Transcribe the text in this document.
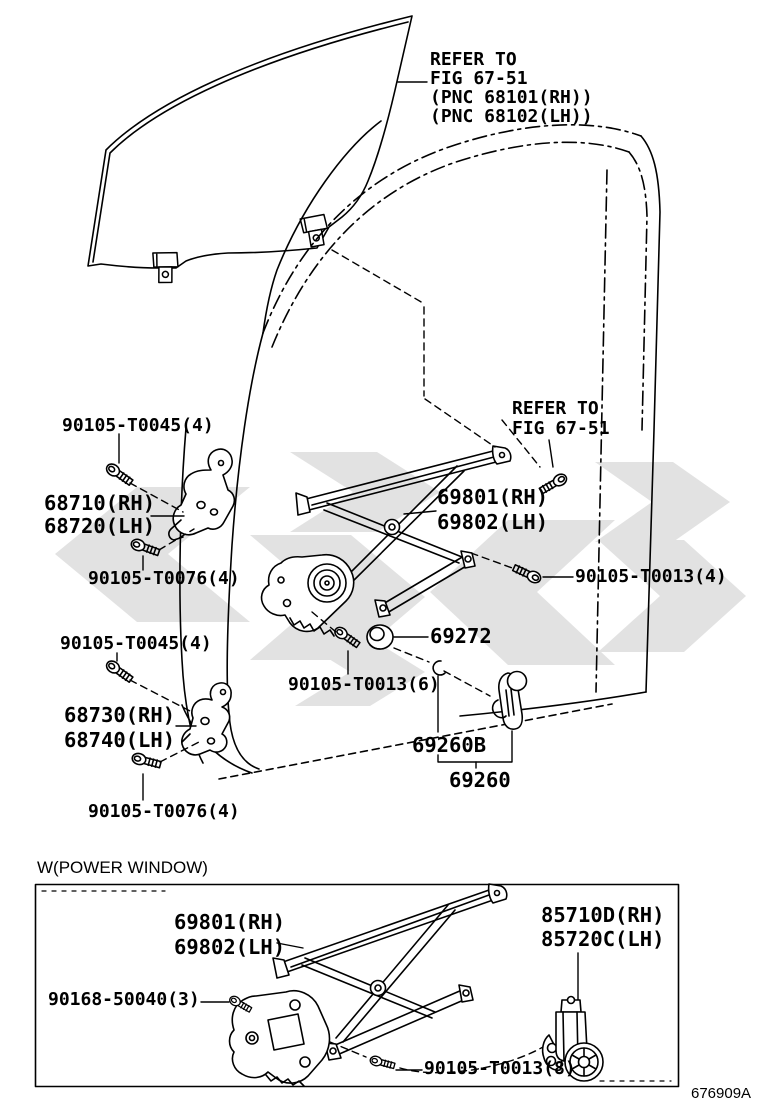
REFER TO
FIG 67-51
(PNC 68101(RH))
(PNC 68102(LH))
90105-T0045(4)
68710(RH)
68720(LH)
90105-T0076(4)
REFER TO
FIG 67-51
69801(RH)
69802(LH)
90105-T0013(4)
69272
90105-T0013(6)
90105-T0045(4)
68730(RH)
68740(LH)
90105-T0076(4)
69260B
69260
W(POWER WINDOW)
69801(RH)
69802(LH)
85710D(RH)
85720C(LH)
90168-50040(3)
90105-T0013(8)
676909A
